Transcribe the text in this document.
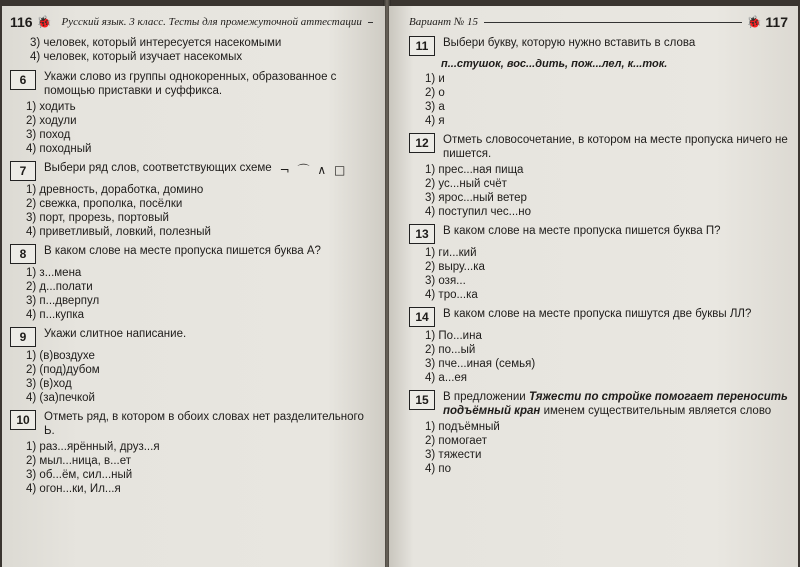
116 🐞 Русский язык. 3 класс. Тесты для промежуточной аттестации
3) человек, который интересуется насекомыми
4) человек, который изучает насекомых
6	Укажи слово из группы однокоренных, образованное с помощью приставки и суффикса.
1) ходить
2) ходули
3) поход
4) походный
7	Выбери ряд слов, соответствующих схеме ¬ ⌒ ∧ □
1) древность, доработка, домино
2) свежка, прополка, посёлки
3) порт, прорезь, портовый
4) приветливый, ловкий, полезный
8	В каком слове на месте пропуска пишется буква А?
1) з...мена
2) д...полати
3) п...дверпул
4) п...купка
9	Укажи слитное написание.
1) (в)воздухе
2) (под)дубом
3) (в)ход
4) (за)печкой
10	Отметь ряд, в котором в обоих словах нет разделительного Ь.
1) раз...ярённый, друз...я
2) мыл...ница, в...ет
3) об...ём, сил...ный
4) огон...ки, Ил...я
Вариант № 15	🐞 117
11	Выбери букву, которую нужно вставить в слова
п...стушок, вос...дить, пож...лел, к...ток.
1) и
2) о
3) а
4) я
12	Отметь словосочетание, в котором на месте пропуска ничего не пишется.
1) прес...ная пища
2) ус...ный счёт
3) ярос...ный ветер
4) поступил чес...но
13	В каком слове на месте пропуска пишется буква П?
1) ги...кий
2) выру...ка
3) озя...
4) тро...ка
14	В каком слове на месте пропуска пишутся две буквы ЛЛ?
1) По...ина
2) по...ый
3) пче...иная (семья)
4) а...ея
15	В предложении Тяжести по стройке помогает переносить подъёмный кран именем существительным является слово
1) подъёмный
2) помогает
3) тяжести
4) по
